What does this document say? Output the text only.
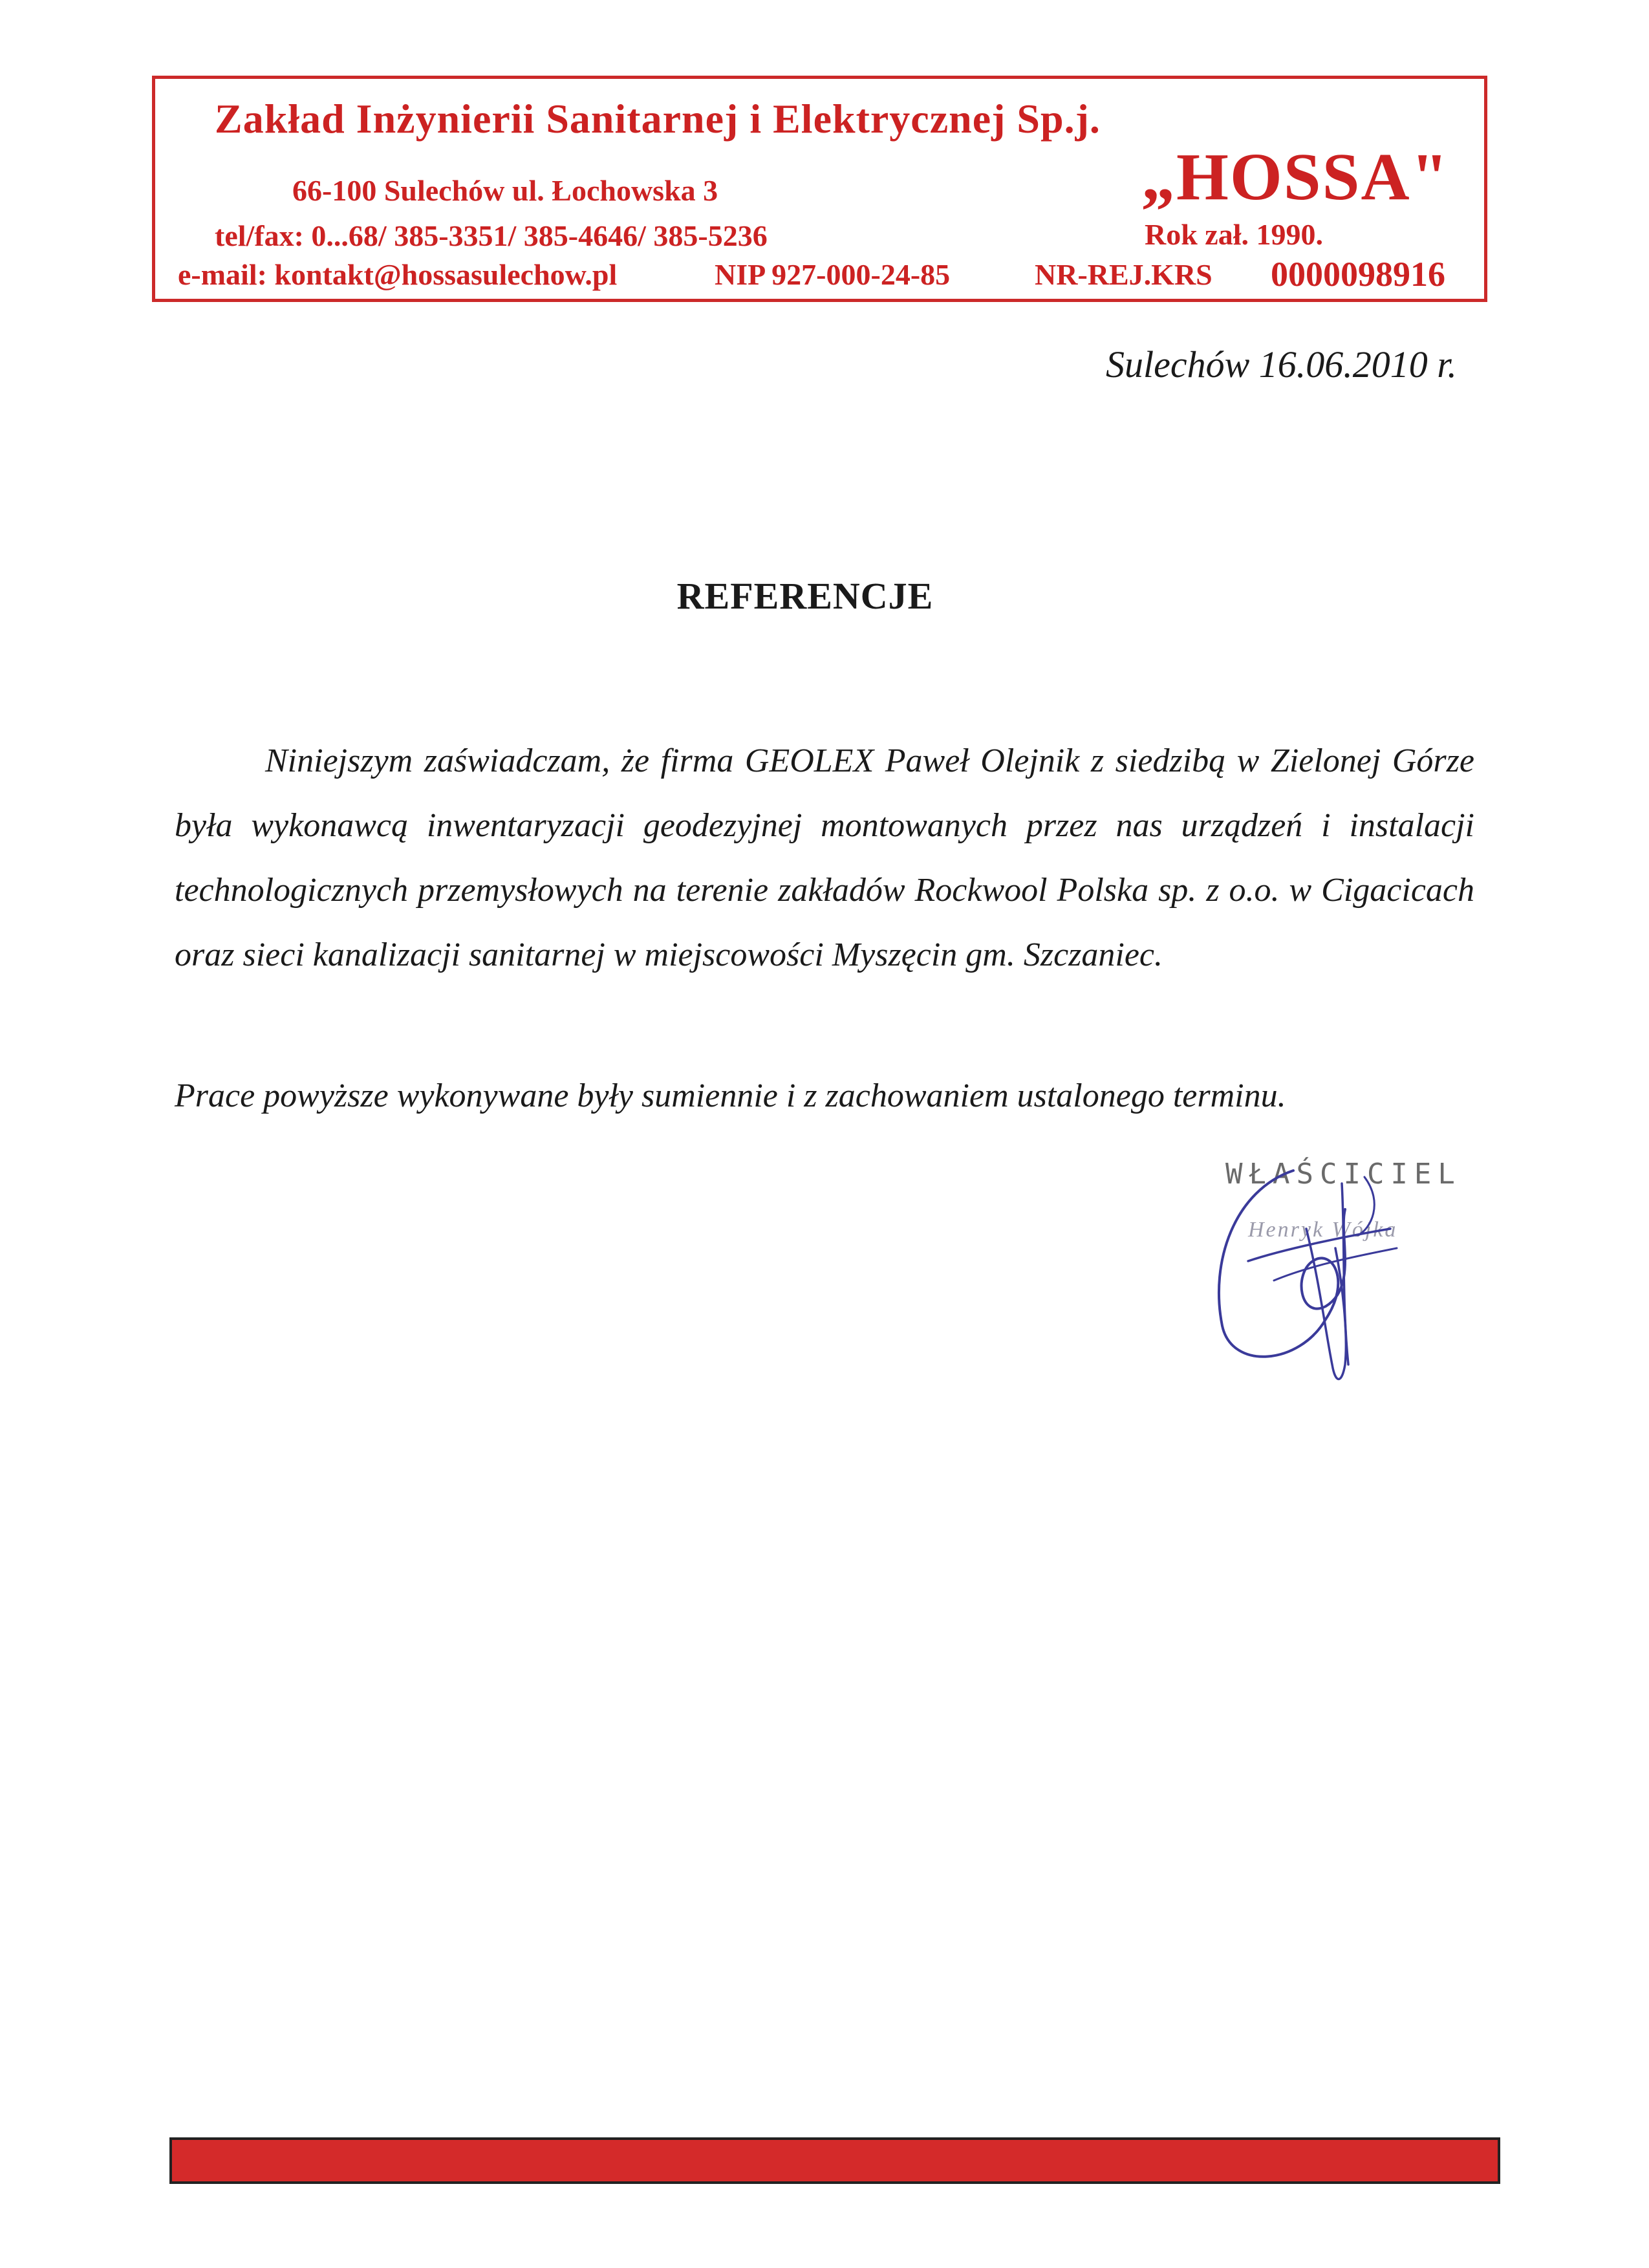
Zakład Inżynierii Sanitarnej i Elektrycznej Sp.j.
66-100 Sulechów ul. Łochowska 3
tel/fax: 0...68/ 385-3351/ 385-4646/ 385-5236
e-mail: kontakt@hossasulechow.pl	NIP 927-000-24-85
„HOSSA"
Rok zał. 1990.
NR-REJ.KRS 0000098916
Sulechów 16.06.2010 r.
REFERENCJE

Niniejszym zaświadczam, że firma GEOLEX Paweł Olejnik z siedzibą w Zielonej Górze była wykonawcą inwentaryzacji geodezyjnej montowanych przez nas urządzeń i instalacji technologicznych przemysłowych na terenie zakładów Rockwool Polska sp. z o.o. w Cigacicach oraz sieci kanalizacji sanitarnej w miejscowości Myszęcin gm. Szczaniec.

Prace powyższe wykonywane były sumiennie i z zachowaniem ustalonego terminu.
WŁAŚCICIEL
Henryk Wójka
